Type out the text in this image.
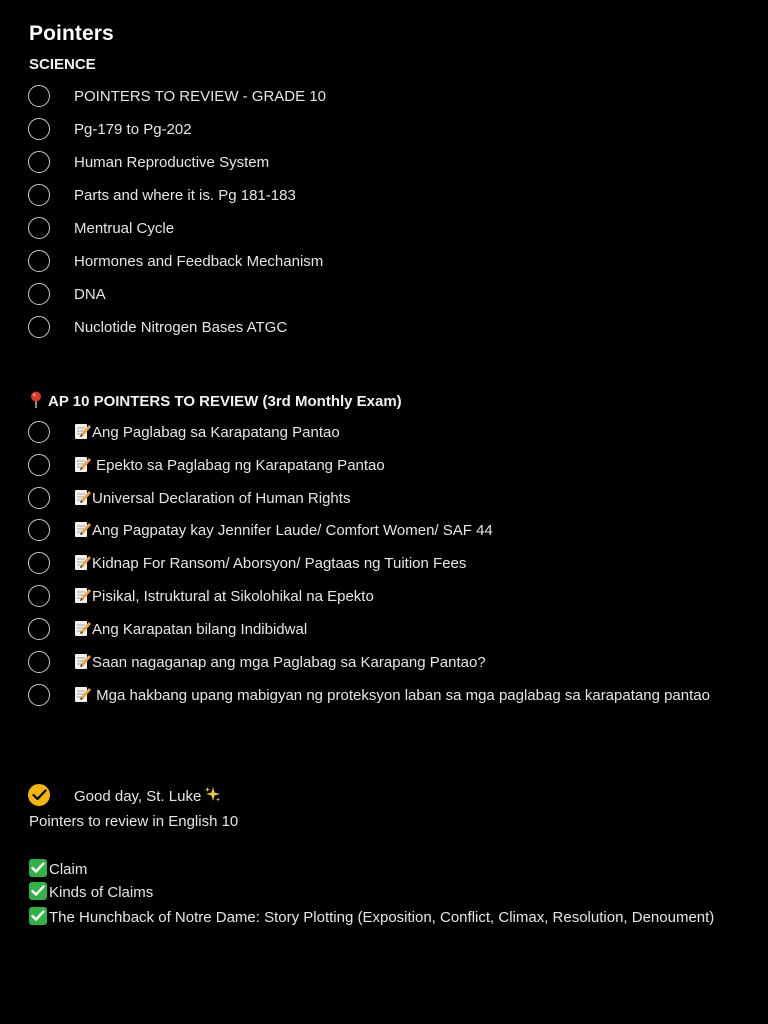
Pointers
SCIENCE
POINTERS TO REVIEW - GRADE 10
Pg-179 to Pg-202
Human Reproductive System
Parts and where it is. Pg 181-183
Mentrual Cycle
Hormones and Feedback Mechanism
DNA
Nuclotide Nitrogen Bases ATGC
AP 10 POINTERS TO REVIEW (3rd Monthly Exam)
Ang Paglabag sa Karapatang Pantao
Epekto sa Paglabag ng Karapatang Pantao
Universal Declaration of Human Rights
Ang Pagpatay kay Jennifer Laude/ Comfort Women/ SAF 44
Kidnap For Ransom/ Aborsyon/ Pagtaas ng Tuition Fees
Pisikal, Istruktural at Sikolohikal na Epekto
Ang Karapatan bilang Indibidwal
Saan nagaganap ang mga Paglabag sa Karapang Pantao?
Mga hakbang upang mabigyan ng proteksyon laban sa mga paglabag sa karapatang pantao
Good day, St. Luke
Pointers to review in English 10
Claim
Kinds of Claims
The Hunchback of Notre Dame: Story Plotting (Exposition, Conflict, Climax, Resolution, Denoument)
